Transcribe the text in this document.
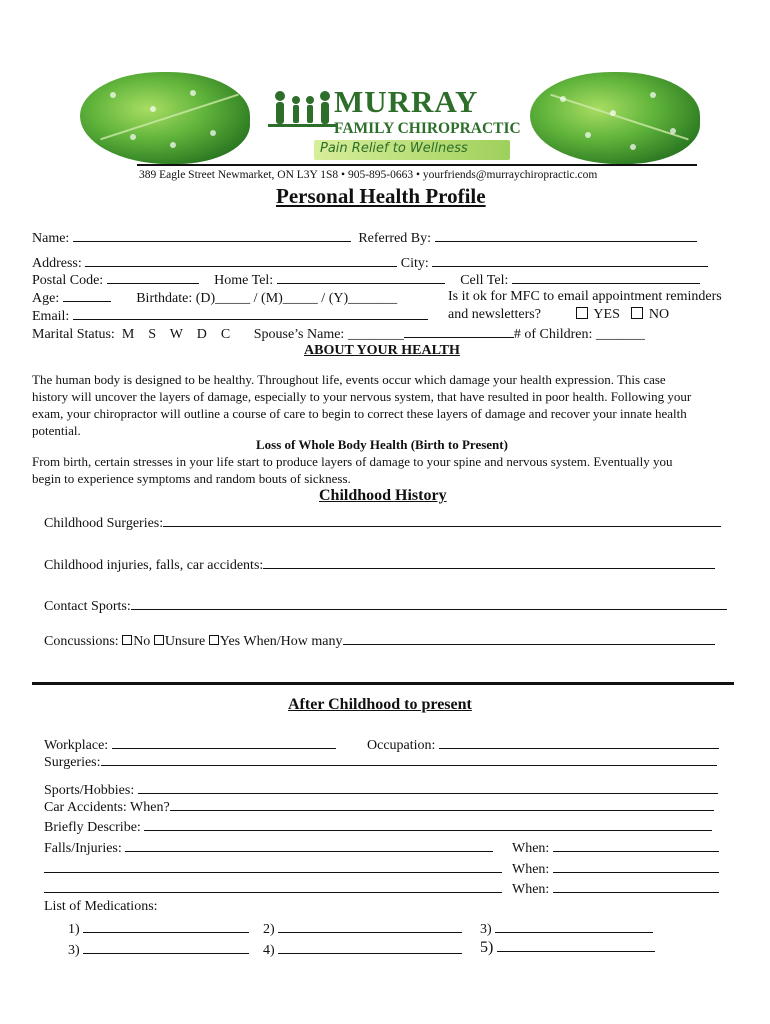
MURRAY
FAMILY CHIROPRACTIC
Pain Relief to Wellness
389 Eagle Street Newmarket, ON L3Y 1S8 • 905-895-0663 • yourfriends@murraychiropractic.com
Personal Health Profile
Name:	Referred By:
Address:	City:
Postal Code:	Home Tel:	Cell Tel:
Age:	Birthdate: (D)_____ / (M)_____ / (Y)_______	Is it ok for MFC to email appointment reminders
Email:	and newsletters?	YES NO
Marital Status:  M    S    W    D    C Spouse’s Name: ________	# of Children: _______
ABOUT YOUR HEALTH
The human body is designed to be healthy. Throughout life, events occur which damage your health expression. This case
history will uncover the layers of damage, especially to your nervous system, that have resulted in poor health. Following your
exam, your chiropractor will outline a course of care to begin to correct these layers of damage and recover your innate health
potential.
Loss of Whole Body Health (Birth to Present)
From birth, certain stresses in your life start to produce layers of damage to your spine and nervous system. Eventually you
begin to experience symptoms and random bouts of sickness.
Childhood History
Childhood Surgeries:
Childhood injuries, falls, car accidents:
Contact Sports:
Concussions: No Unsure Yes When/How many
After Childhood to present
Workplace:	Occupation:
Surgeries:
Sports/Hobbies:
Car Accidents: When?
Briefly Describe:
Falls/Injuries:	When:
When:
When:
List of Medications:
1)	2)	3)
3)	4)	5)
